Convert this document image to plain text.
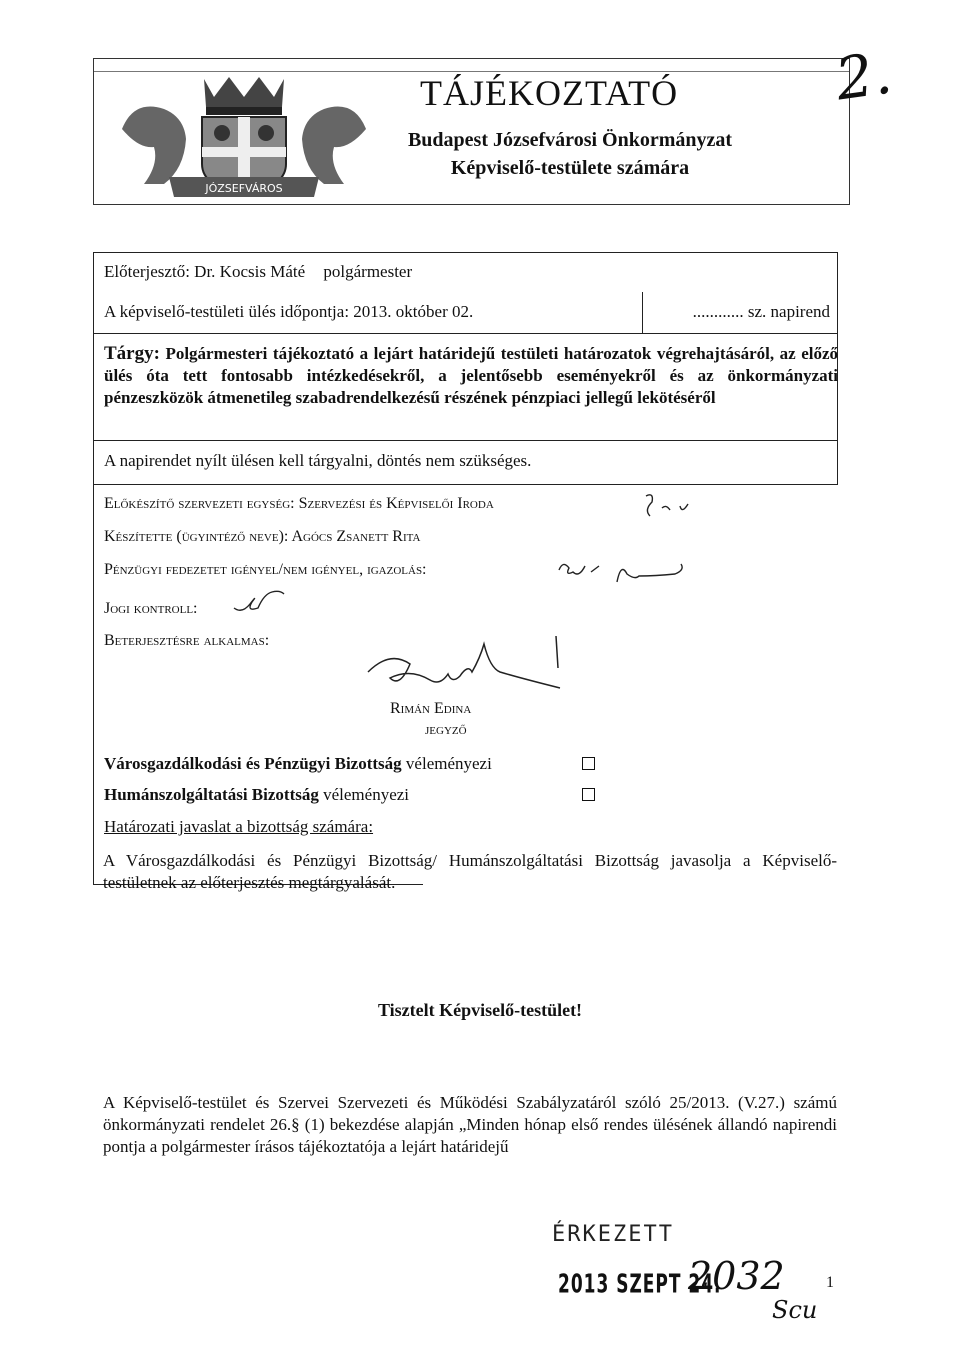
JÓZSEFVÁROS
TÁJÉKOZTATÓ
Budapest Józsefvárosi Önkormányzat
Képviselő-testülete számára
2.
Előterjesztő: Dr. Kocsis Máté polgármester
A képviselő-testületi ülés időpontja: 2013. október 02.	............ sz. napirend
Tárgy: Polgármesteri tájékoztató a lejárt határidejű testületi határozatok végrehajtásáról, az előző ülés óta tett fontosabb intézkedésekről, a jelentősebb eseményekről és az önkormányzati pénzeszközök átmenetileg szabadrendelkezésű részének pénzpiaci jellegű lekötéséről
A napirendet nyílt ülésen kell tárgyalni, döntés nem szükséges.
Előkészítő szervezeti egység: Szervezési és Képviselői Iroda
Készítette (ügyintéző neve): Agócs Zsanett Rita
Pénzügyi fedezetet igényel/nem igényel, igazolás:
Jogi kontroll:
Beterjesztésre alkalmas:
Rimán Edina
jegyző
Városgazdálkodási és Pénzügyi Bizottság véleményezi
Humánszolgáltatási Bizottság véleményezi
Határozati javaslat a bizottság számára:
A Városgazdálkodási és Pénzügyi Bizottság/ Humánszolgáltatási Bizottság javasolja a Képviselő-testületnek az előterjesztés megtárgyalását.
Tisztelt Képviselő-testület!
A Képviselő-testület és Szervei Szervezeti és Működési Szabályzatáról szóló 25/2013. (V.27.) számú önkormányzati rendelet 26.§ (1) bekezdése alapján „Minden hónap első rendes ülésének állandó napirendi pontja a polgármester írásos tájékoztatója a lejárt határidejű
ÉRKEZETT
2013 SZEPT 24.
2032
Scu
1
